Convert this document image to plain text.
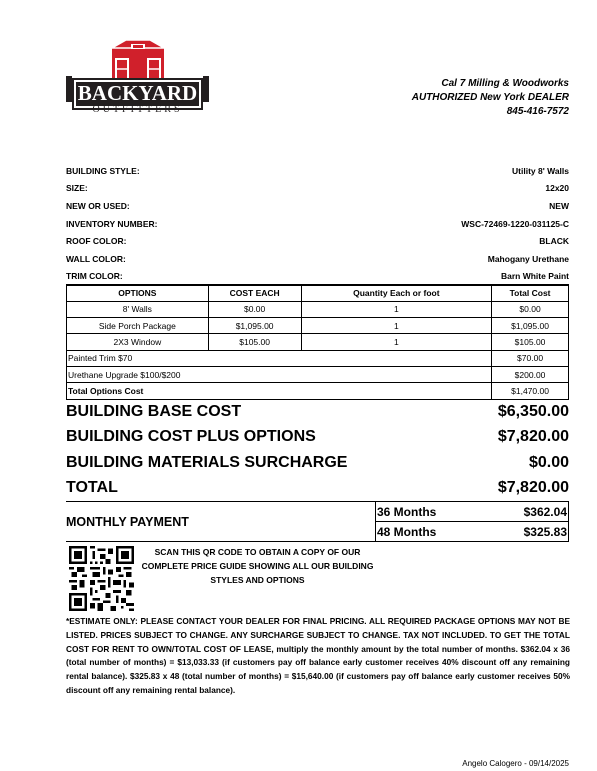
BACKYARD
OUTFITTERS
Cal 7 Milling & Woodworks
AUTHORIZED New York DEALER
845-416-7572
BUILDING STYLE:	Utility 8' Walls
SIZE:	12x20
NEW OR USED:	NEW
INVENTORY NUMBER:	WSC-72469-1220-031125-C
ROOF COLOR:	BLACK
WALL COLOR:	Mahogany Urethane
TRIM COLOR:	Barn White Paint
OPTIONS	COST EACH	Quantity Each or foot	Total Cost
8' Walls	$0.00	1	$0.00
Side Porch Package	$1,095.00	1	$1,095.00
2X3 Window	$105.00	1	$105.00
Painted Trim $70			$70.00
Urethane Upgrade $100/$200			$200.00
Total Options Cost			$1,470.00
BUILDING BASE COST	$6,350.00
BUILDING COST PLUS OPTIONS	$7,820.00
BUILDING MATERIALS SURCHARGE	$0.00
TOTAL	$7,820.00
MONTHLY PAYMENT
36 Months	$362.04
48 Months	$325.83
SCAN THIS QR CODE TO OBTAIN A COPY OF OUR COMPLETE PRICE GUIDE SHOWING ALL OUR BUILDING STYLES AND OPTIONS
*ESTIMATE ONLY: PLEASE CONTACT YOUR DEALER FOR FINAL PRICING. ALL REQUIRED PACKAGE OPTIONS MAY NOT BE LISTED. PRICES SUBJECT TO CHANGE. ANY SURCHARGE SUBJECT TO CHANGE. TAX NOT INCLUDED. TO GET THE TOTAL COST FOR RENT TO OWN/TOTAL COST OF LEASE, multiply the monthly amount by the total number of months. $362.04 x 36 (total number of months) = $13,033.33 (if customers pay off balance early customer receives 40% discount off any remaining rental balance). $325.83 x 48 (total number of months) = $15,640.00 (if customers pay off balance early customer receives 50% discount off any remaining rental balance).
Angelo Calogero - 09/14/2025
